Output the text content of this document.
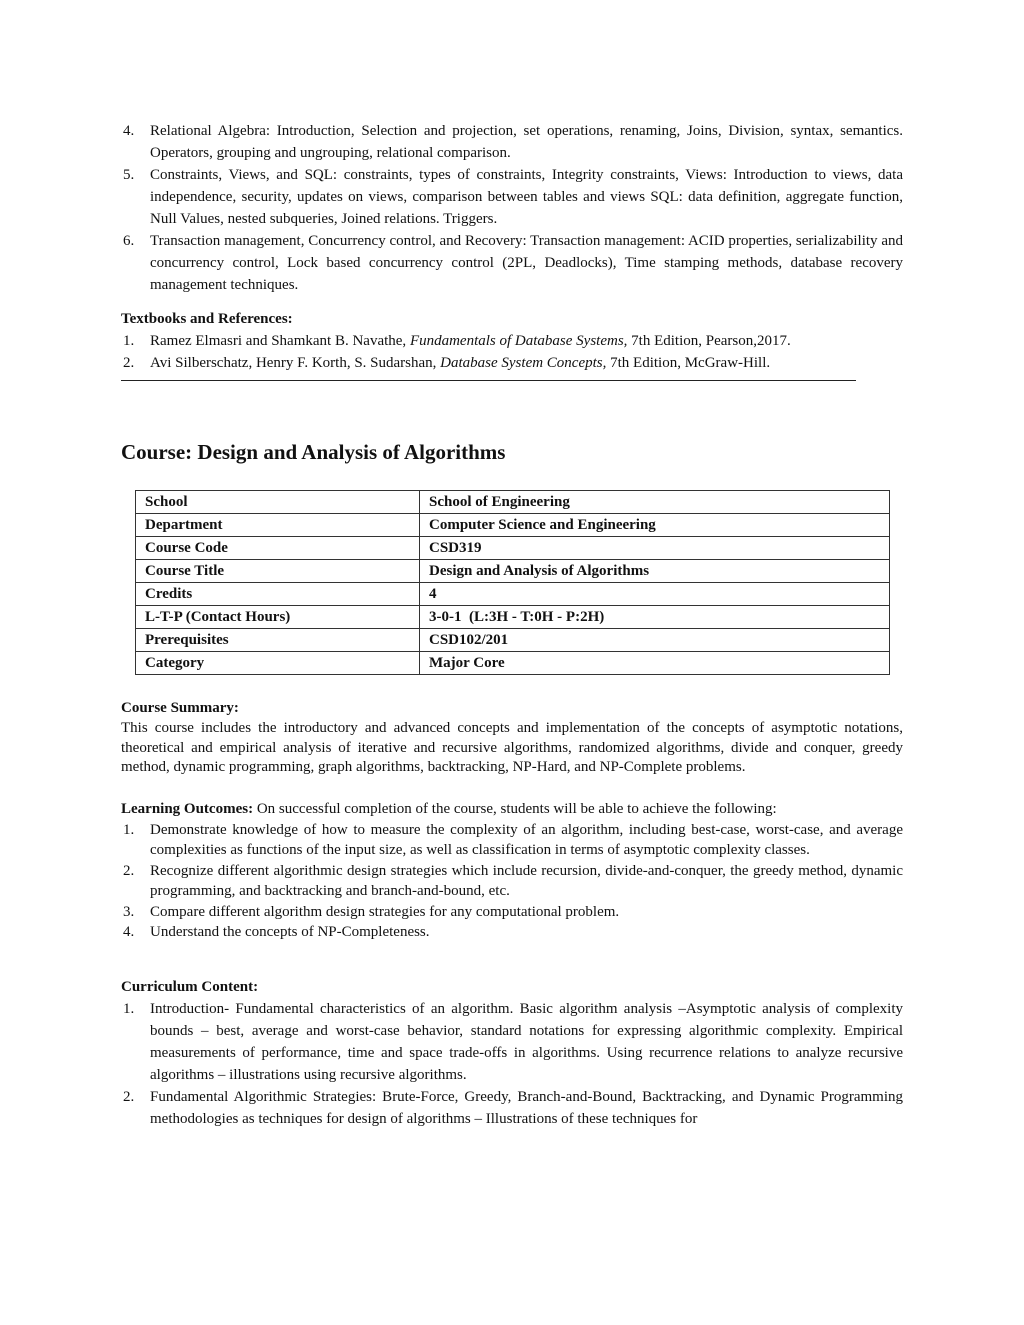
4. Relational Algebra: Introduction, Selection and projection, set operations, renaming, Joins, Division, syntax, semantics. Operators, grouping and ungrouping, relational comparison.
5. Constraints, Views, and SQL: constraints, types of constraints, Integrity constraints, Views: Introduction to views, data independence, security, updates on views, comparison between tables and views SQL: data definition, aggregate function, Null Values, nested subqueries, Joined relations. Triggers.
6. Transaction management, Concurrency control, and Recovery: Transaction management: ACID properties, serializability and concurrency control, Lock based concurrency control (2PL, Deadlocks), Time stamping methods, database recovery management techniques.
Textbooks and References:
1. Ramez Elmasri and Shamkant B. Navathe, Fundamentals of Database Systems, 7th Edition, Pearson,2017.
2. Avi Silberschatz, Henry F. Korth, S. Sudarshan, Database System Concepts, 7th Edition, McGraw-Hill.
Course: Design and Analysis of Algorithms
School	School of Engineering
Department	Computer Science and Engineering
Course Code	CSD319
Course Title	Design and Analysis of Algorithms
Credits	4
L-T-P (Contact Hours)	3-0-1  (L:3H - T:0H - P:2H)
Prerequisites	CSD102/201
Category	Major Core
Course Summary:
This course includes the introductory and advanced concepts and implementation of the concepts of asymptotic notations, theoretical and empirical analysis of iterative and recursive algorithms, randomized algorithms, divide and conquer, greedy method, dynamic programming, graph algorithms, backtracking, NP-Hard, and NP-Complete problems.
Learning Outcomes: On successful completion of the course, students will be able to achieve the following:
1. Demonstrate knowledge of how to measure the complexity of an algorithm, including best-case, worst-case, and average complexities as functions of the input size, as well as classification in terms of asymptotic complexity classes.
2. Recognize different algorithmic design strategies which include recursion, divide-and-conquer, the greedy method, dynamic programming, and backtracking and branch-and-bound, etc.
3. Compare different algorithm design strategies for any computational problem.
4. Understand the concepts of NP-Completeness.
Curriculum Content:
1. Introduction- Fundamental characteristics of an algorithm. Basic algorithm analysis –Asymptotic analysis of complexity bounds – best, average and worst-case behavior, standard notations for expressing algorithmic complexity. Empirical measurements of performance, time and space trade-offs in algorithms. Using recurrence relations to analyze recursive algorithms – illustrations using recursive algorithms.
2. Fundamental Algorithmic Strategies: Brute-Force, Greedy, Branch-and-Bound, Backtracking, and Dynamic Programming methodologies as techniques for design of algorithms – Illustrations of these techniques for
